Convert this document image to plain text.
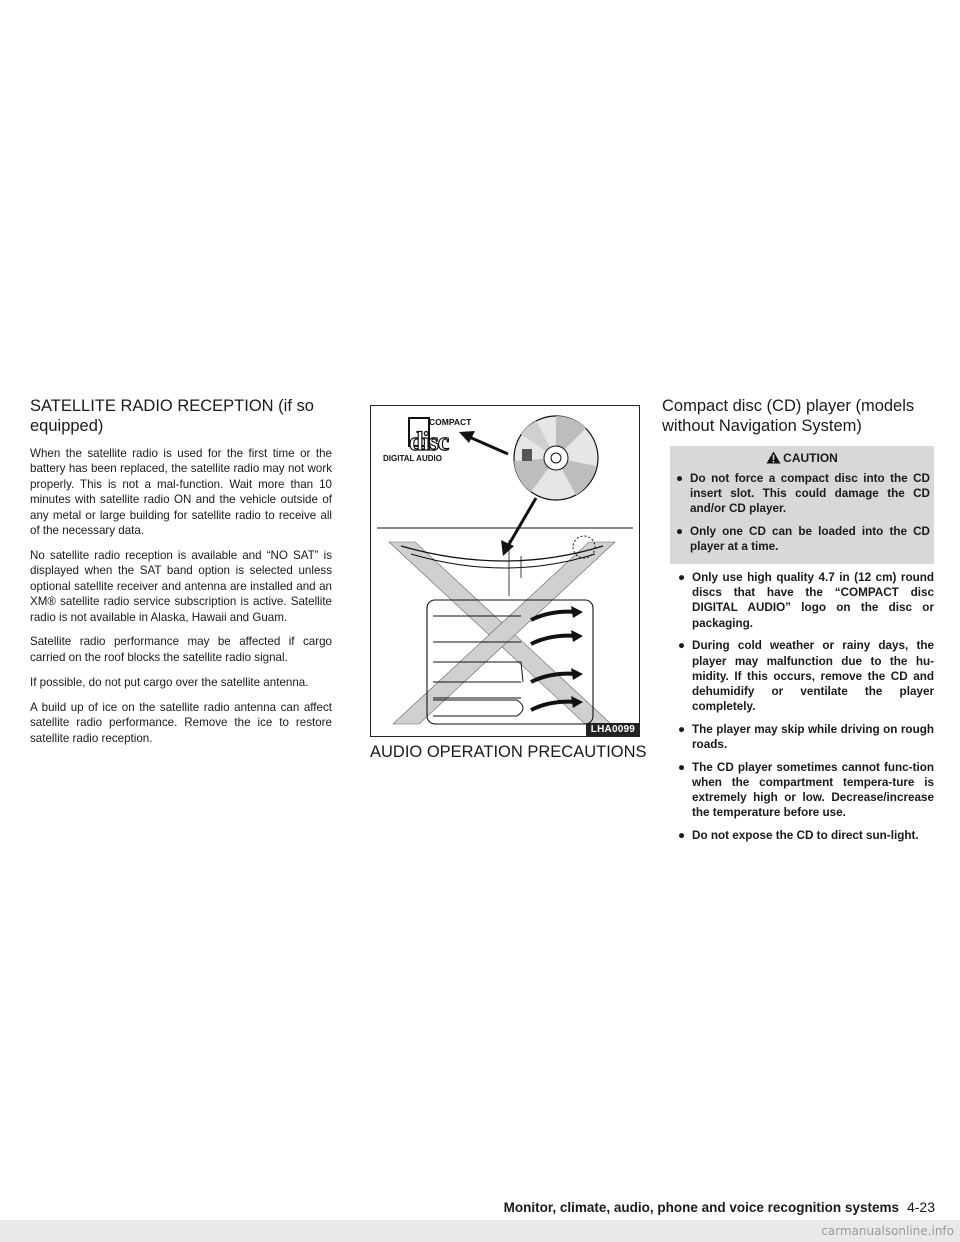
SATELLITE RADIO RECEPTION (if so equipped)

When the satellite radio is used for the first time or the battery has been replaced, the satellite radio may not work properly. This is not a mal-function. Wait more than 10 minutes with satellite radio ON and the vehicle outside of any metal or large building for satellite radio to receive all of the necessary data.

No satellite radio reception is available and “NO SAT” is displayed when the SAT band option is selected unless optional satellite receiver and antenna are installed and an XM® satellite radio service subscription is active. Satellite radio is not available in Alaska, Hawaii and Guam.

Satellite radio performance may be affected if cargo carried on the roof blocks the satellite radio signal.

If possible, do not put cargo over the satellite antenna.

A build up of ice on the satellite radio antenna can affect satellite radio performance. Remove the ice to restore satellite radio reception.

COMPACT
disc
DIGITAL AUDIO
LHA0099
AUDIO OPERATION PRECAUTIONS
Compact disc (CD) player (models without Navigation System)
CAUTION
● Do not force a compact disc into the CD insert slot. This could damage the CD and/or CD player.
● Only one CD can be loaded into the CD player at a time.
● Only use high quality 4.7 in (12 cm) round discs that have the “COMPACT disc DIGITAL AUDIO” logo on the disc or packaging.
● During cold weather or rainy days, the player may malfunction due to the hu-midity. If this occurs, remove the CD and dehumidify or ventilate the player completely.
● The player may skip while driving on rough roads.
● The CD player sometimes cannot func-tion when the compartment tempera-ture is extremely high or low. Decrease/increase the temperature before use.
● Do not expose the CD to direct sun-light.
Monitor, climate, audio, phone and voice recognition systems 4-23
carmanualsonline.info
